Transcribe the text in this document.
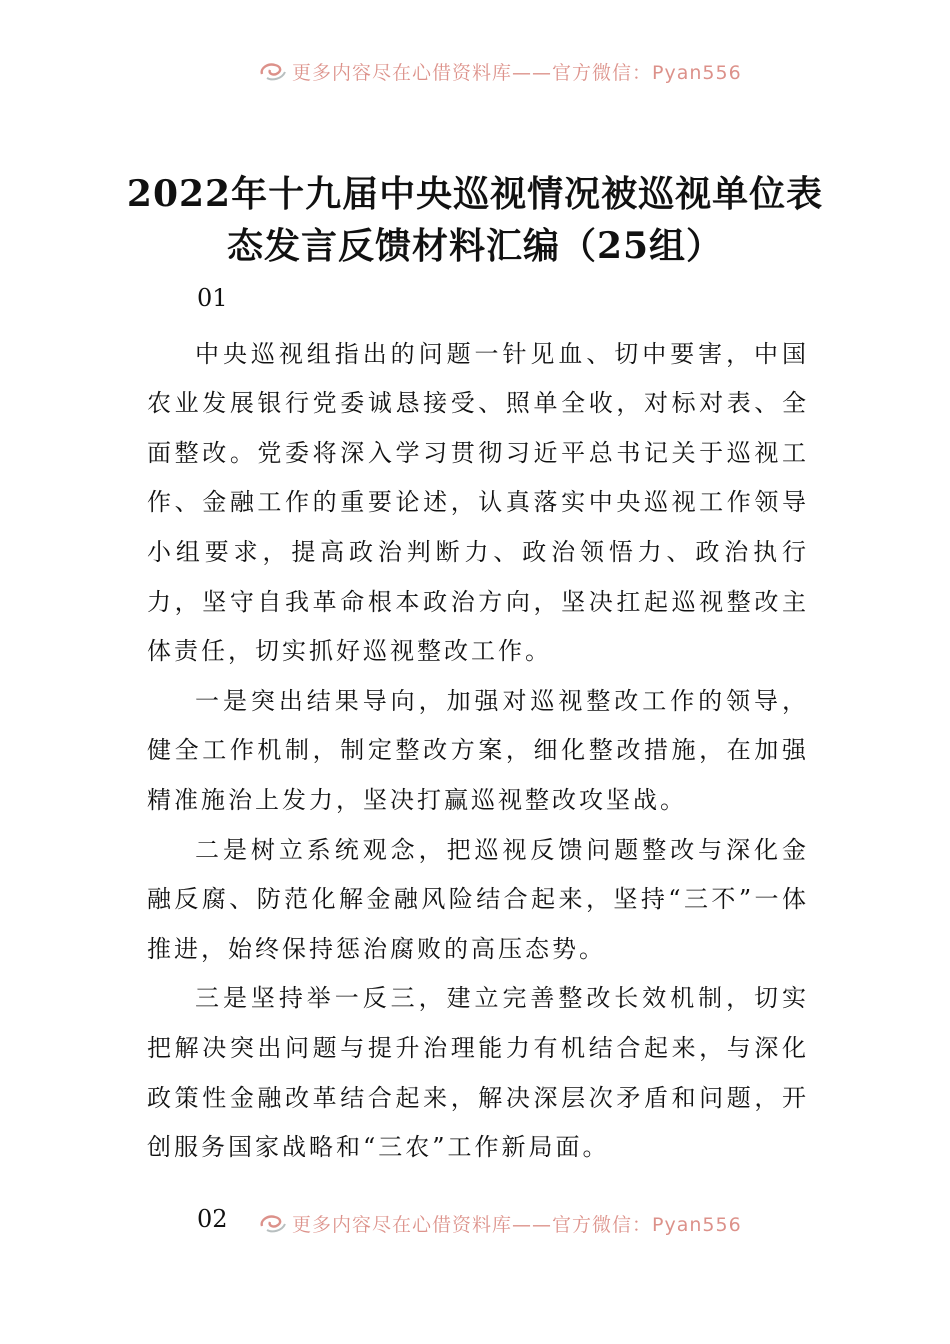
更多内容尽在心借资料库——官方微信：Pyan556
2022年十九届中央巡视情况被巡视单位表态发言反馈材料汇编（25组）

01

中央巡视组指出的问题一针见血、切中要害，中国农业发展银行党委诚恳接受、照单全收，对标对表、全面整改。党委将深入学习贯彻习近平总书记关于巡视工作、金融工作的重要论述，认真落实中央巡视工作领导小组要求，提高政治判断力、政治领悟力、政治执行力，坚守自我革命根本政治方向，坚决扛起巡视整改主体责任，切实抓好巡视整改工作。

一是突出结果导向，加强对巡视整改工作的领导，健全工作机制，制定整改方案，细化整改措施，在加强精准施治上发力，坚决打赢巡视整改攻坚战。

二是树立系统观念，把巡视反馈问题整改与深化金融反腐、防范化解金融风险结合起来，坚持“三不”一体推进，始终保持惩治腐败的高压态势。

三是坚持举一反三，建立完善整改长效机制，切实把解决突出问题与提升治理能力有机结合起来，与深化政策性金融改革结合起来，解决深层次矛盾和问题，开创服务国家战略和“三农”工作新局面。

02	更多内容尽在心借资料库——官方微信：Pyan556
